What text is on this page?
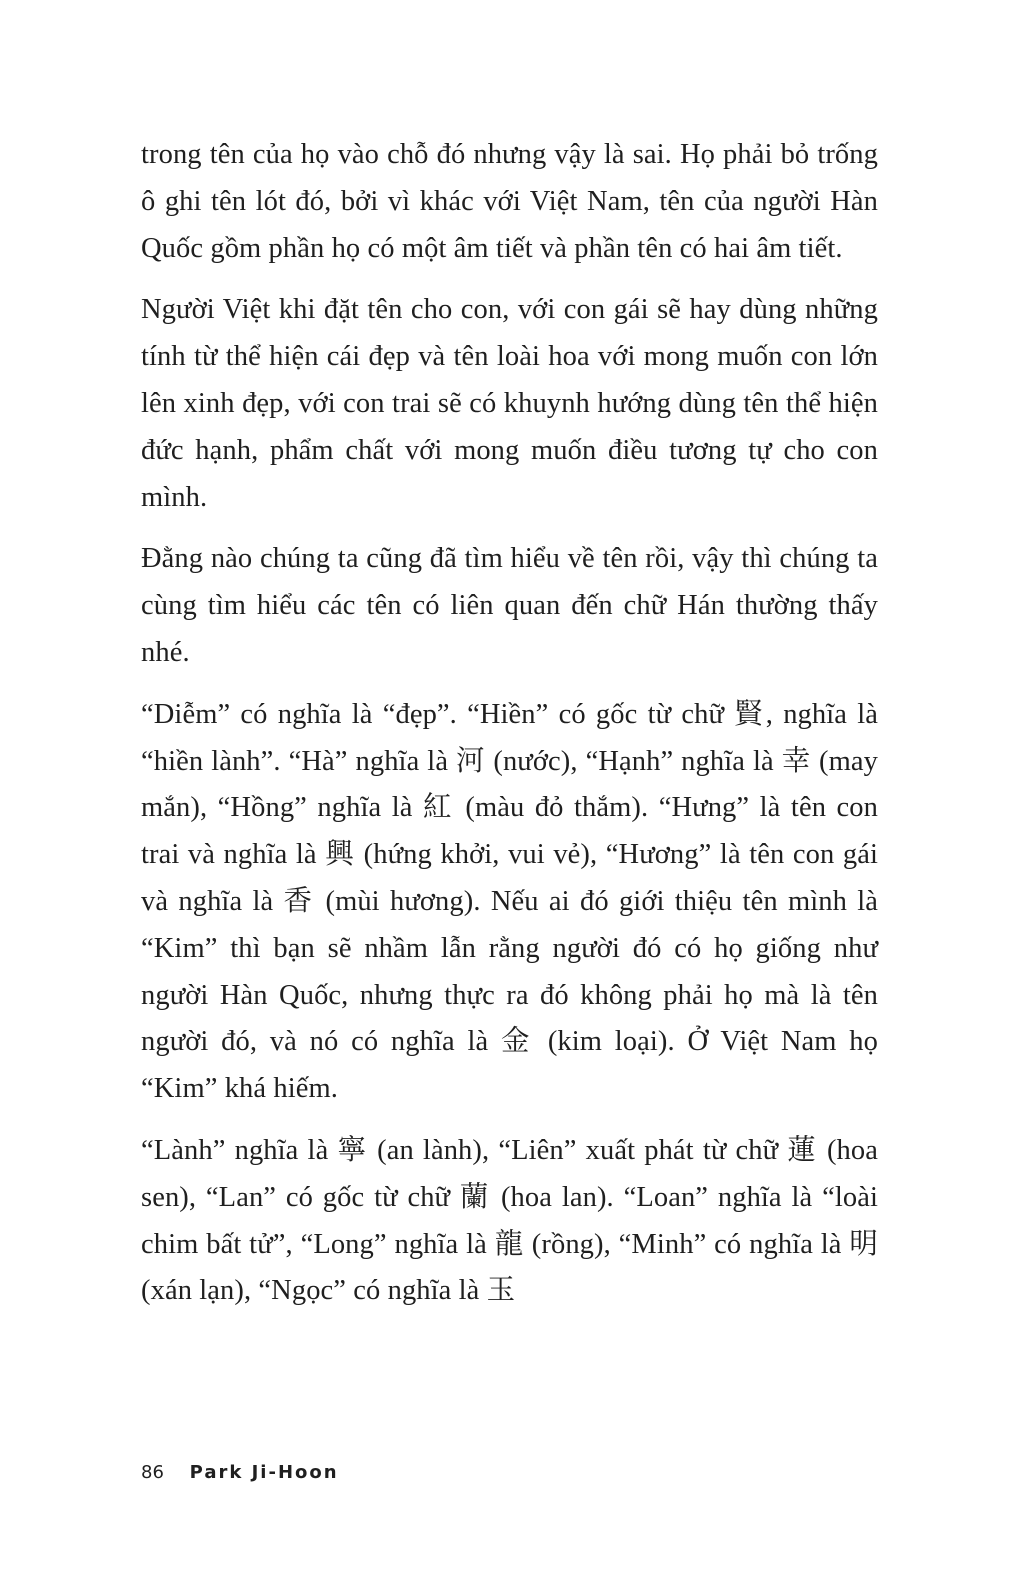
trong tên của họ vào chỗ đó nhưng vậy là sai. Họ phải bỏ trống ô ghi tên lót đó, bởi vì khác với Việt Nam, tên của người Hàn Quốc gồm phần họ có một âm tiết và phần tên có hai âm tiết.

Người Việt khi đặt tên cho con, với con gái sẽ hay dùng những tính từ thể hiện cái đẹp và tên loài hoa với mong muốn con lớn lên xinh đẹp, với con trai sẽ có khuynh hướng dùng tên thể hiện đức hạnh, phẩm chất với mong muốn điều tương tự cho con mình.

Đằng nào chúng ta cũng đã tìm hiểu về tên rồi, vậy thì chúng ta cùng tìm hiểu các tên có liên quan đến chữ Hán thường thấy nhé.

“Diễm” có nghĩa là “đẹp”. “Hiền” có gốc từ chữ 賢, nghĩa là “hiền lành”. “Hà” nghĩa là 河 (nước), “Hạnh” nghĩa là 幸 (may mắn), “Hồng” nghĩa là 紅 (màu đỏ thắm). “Hưng” là tên con trai và nghĩa là 興 (hứng khởi, vui vẻ), “Hương” là tên con gái và nghĩa là 香 (mùi hương). Nếu ai đó giới thiệu tên mình là “Kim” thì bạn sẽ nhầm lẫn rằng người đó có họ giống như người Hàn Quốc, nhưng thực ra đó không phải họ mà là tên người đó, và nó có nghĩa là 金 (kim loại). Ở Việt Nam họ “Kim” khá hiếm.

“Lành” nghĩa là 寧 (an lành), “Liên” xuất phát từ chữ 蓮 (hoa sen), “Lan” có gốc từ chữ 蘭 (hoa lan). “Loan” nghĩa là “loài chim bất tử”, “Long” nghĩa là 龍 (rồng), “Minh” có nghĩa là 明 (xán lạn), “Ngọc” có nghĩa là 玉

86 Park Ji-Hoon
